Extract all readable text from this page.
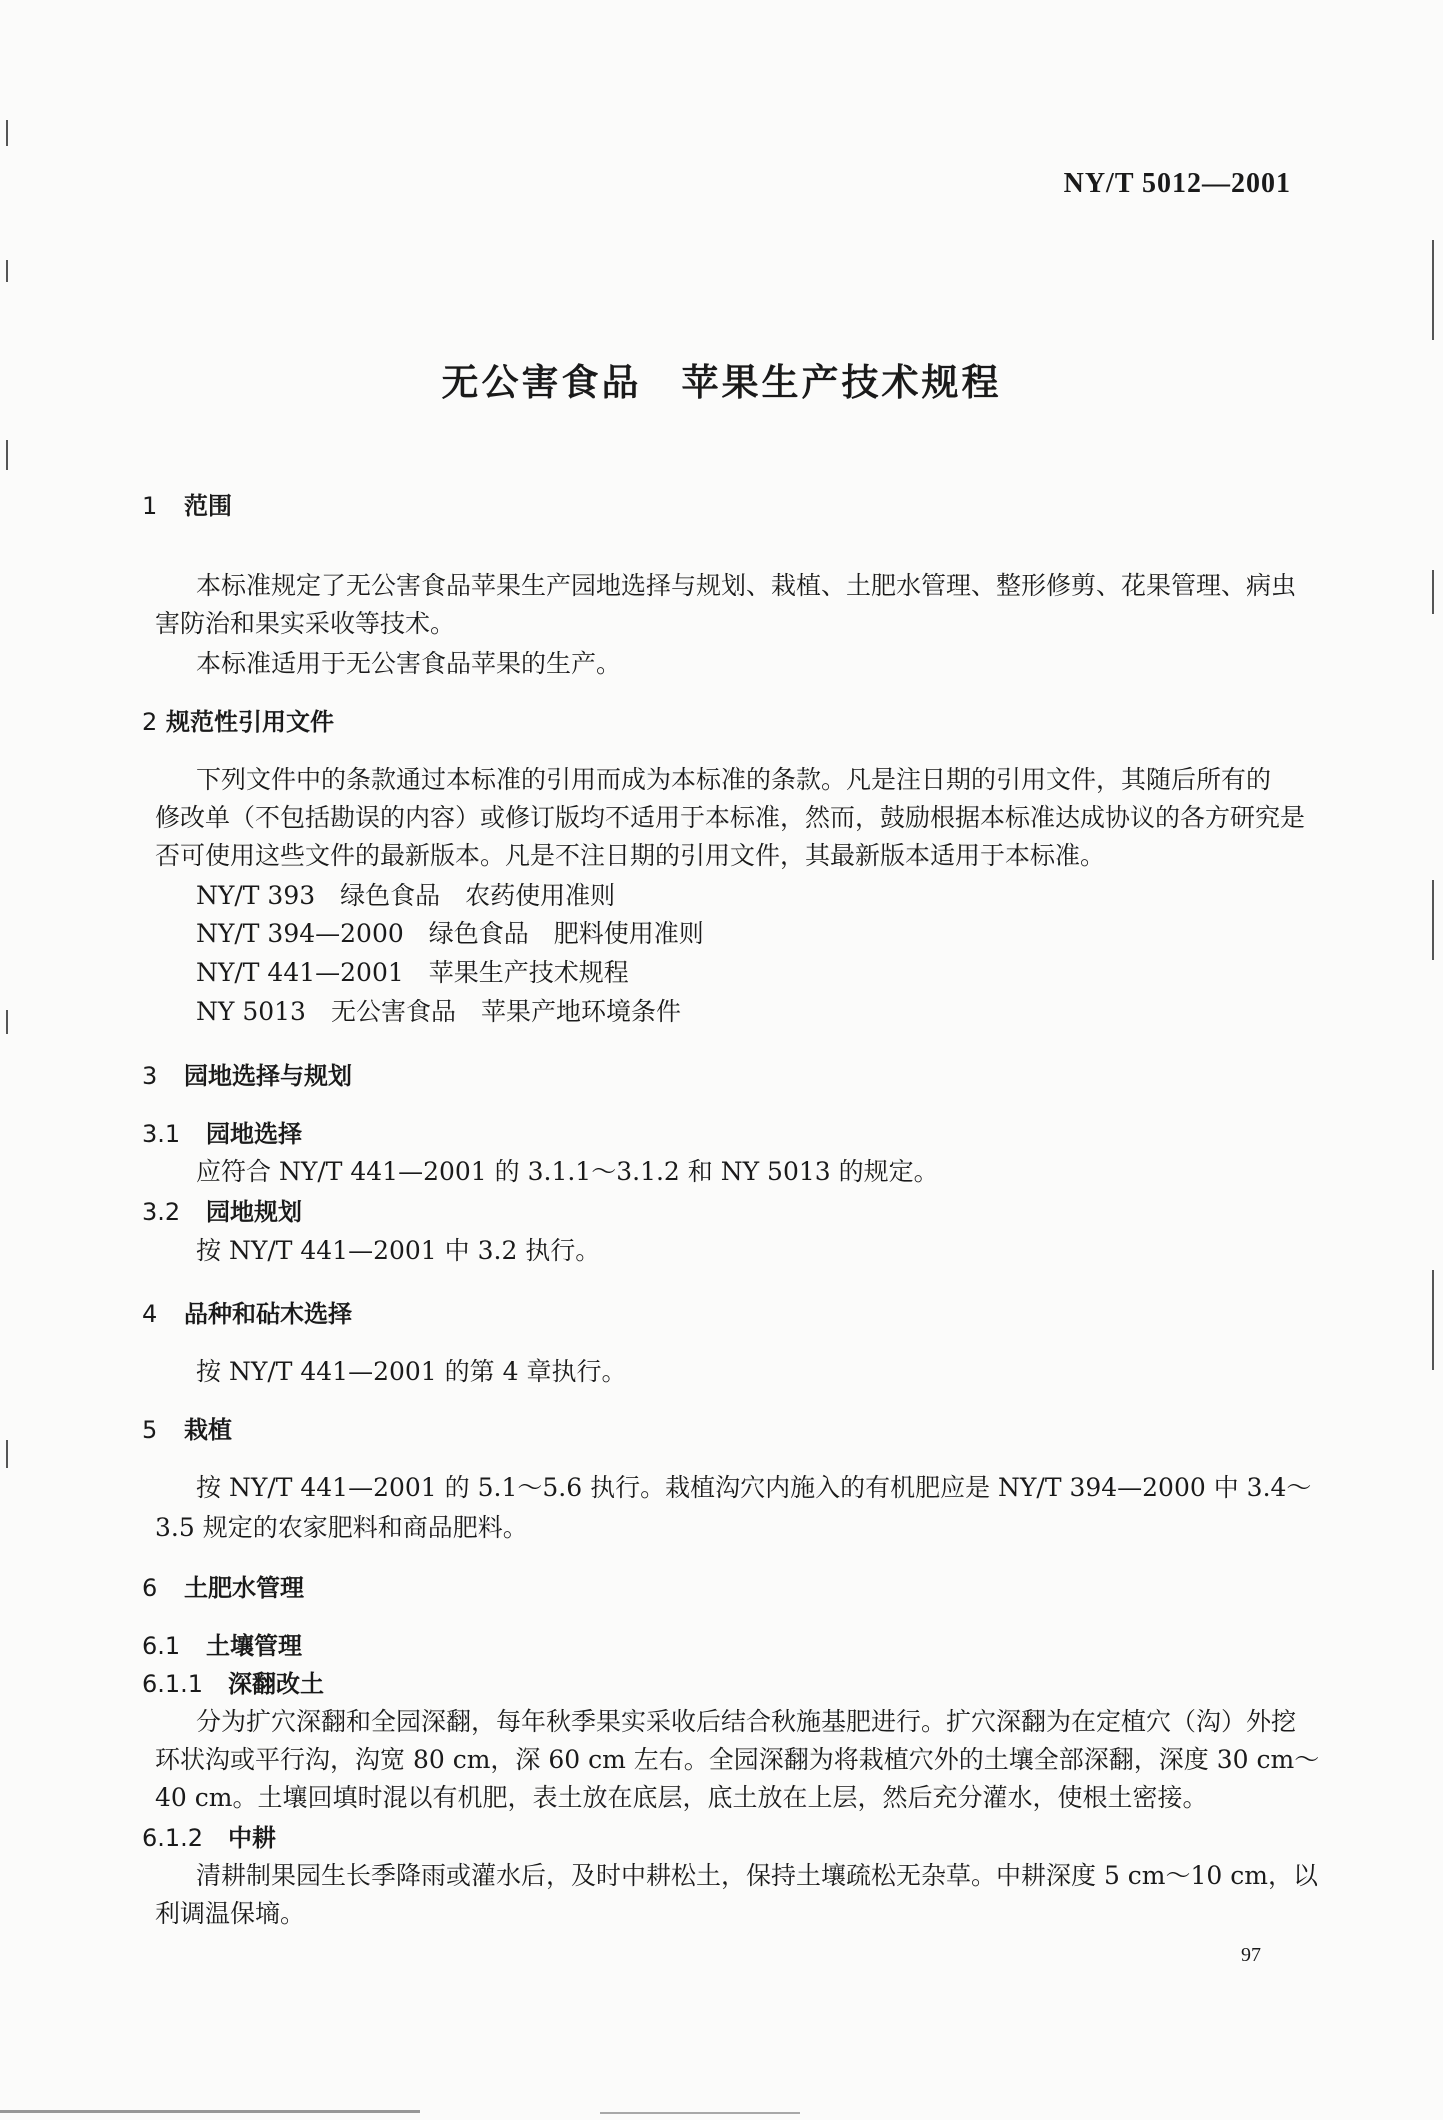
NY/T 5012—2001
无公害食品　苹果生产技术规程
1 范围
本标准规定了无公害食品苹果生产园地选择与规划、栽植、土肥水管理、整形修剪、花果管理、病虫
害防治和果实采收等技术。
本标准适用于无公害食品苹果的生产。
2 规范性引用文件
下列文件中的条款通过本标准的引用而成为本标准的条款。凡是注日期的引用文件，其随后所有的
修改单（不包括勘误的内容）或修订版均不适用于本标准，然而，鼓励根据本标准达成协议的各方研究是
否可使用这些文件的最新版本。凡是不注日期的引用文件，其最新版本适用于本标准。
NY/T 393　绿色食品　农药使用准则
NY/T 394—2000　绿色食品　肥料使用准则
NY/T 441—2001　苹果生产技术规程
NY 5013　无公害食品　苹果产地环境条件
3 园地选择与规划
3.1 园地选择
应符合 NY/T 441—2001 的 3.1.1～3.1.2 和 NY 5013 的规定。
3.2 园地规划
按 NY/T 441—2001 中 3.2 执行。
4 品种和砧木选择
按 NY/T 441—2001 的第 4 章执行。
5 栽植
按 NY/T 441—2001 的 5.1～5.6 执行。栽植沟穴内施入的有机肥应是 NY/T 394—2000 中 3.4～
3.5 规定的农家肥料和商品肥料。
6 土肥水管理
6.1 土壤管理
6.1.1 深翻改土
分为扩穴深翻和全园深翻，每年秋季果实采收后结合秋施基肥进行。扩穴深翻为在定植穴（沟）外挖
环状沟或平行沟，沟宽 80 cm，深 60 cm 左右。全园深翻为将栽植穴外的土壤全部深翻，深度 30 cm～
40 cm。土壤回填时混以有机肥，表土放在底层，底土放在上层，然后充分灌水，使根土密接。
6.1.2 中耕
清耕制果园生长季降雨或灌水后，及时中耕松土，保持土壤疏松无杂草。中耕深度 5 cm～10 cm，以
利调温保墒。
97
